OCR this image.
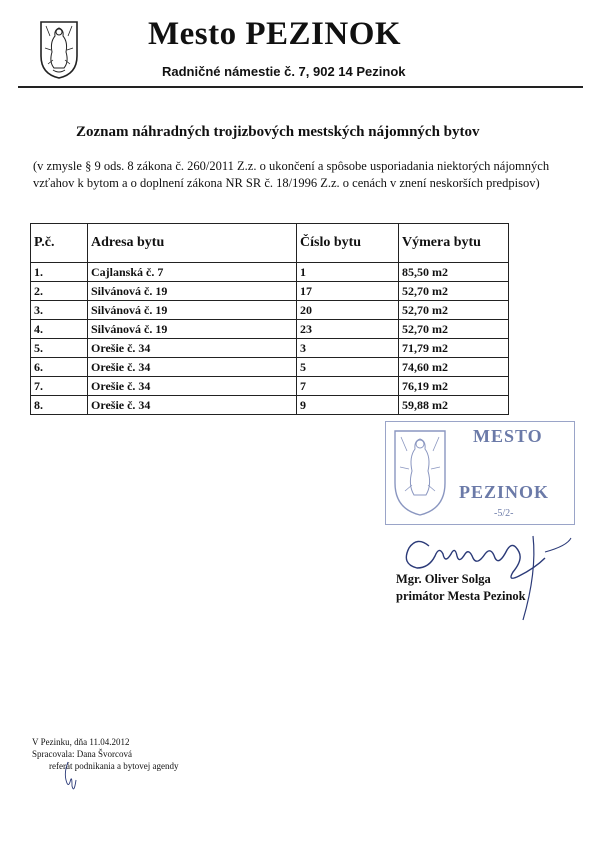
Mesto PEZINOK
Radničné námestie č. 7, 902 14 Pezinok
Zoznam náhradných trojizbových mestských nájomných bytov
(v zmysle § 9 ods. 8 zákona č. 260/2011 Z.z. o ukončení a spôsobe usporiadania niektorých nájomných vzťahov k bytom a o doplnení zákona NR SR č. 18/1996 Z.z. o cenách v znení neskorších predpisov)
P.č.	Adresa bytu	Číslo bytu	Výmera bytu
1.	Cajlanská č. 7	1	85,50 m2
2.	Silvánová č. 19	17	52,70 m2
3.	Silvánová č. 19	20	52,70 m2
4.	Silvánová č. 19	23	52,70 m2
5.	Orešie č. 34	3	71,79 m2
6.	Orešie č. 34	5	74,60 m2
7.	Orešie č. 34	7	76,19 m2
8.	Orešie č. 34	9	59,88 m2
MESTO
PEZINOK
-5/2-
Mgr. Oliver Solga
primátor Mesta Pezinok
V Pezinku, dňa 11.04.2012
Spracovala: Dana Švorcová
referát podnikania a bytovej agendy
